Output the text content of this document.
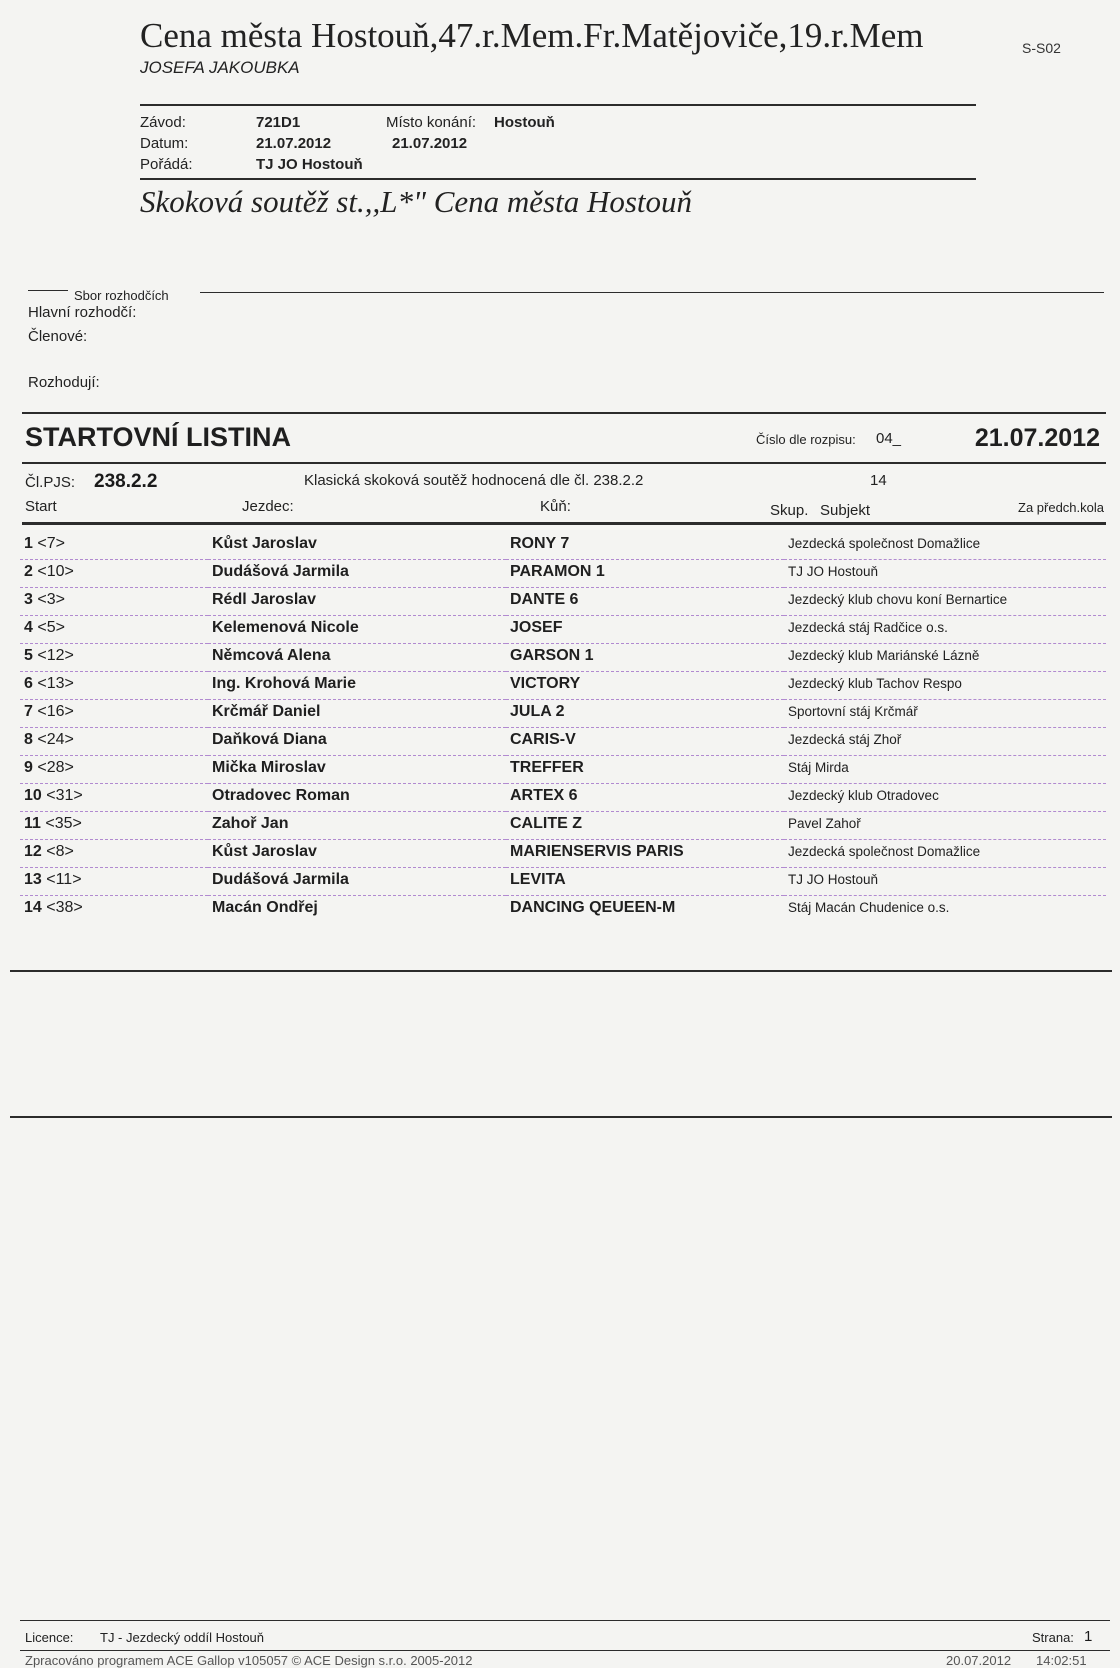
Cena města Hostouň,47.r.Mem.Fr.Matějoviče,19.r.Mem
JOSEFA JAKOUBKA
S-S02
Závod:	721D1	Místo konání: Hostouň
Datum:	21.07.2012	21.07.2012
Pořádá:	TJ JO Hostouň
Skoková soutěž st.,,L*" Cena města Hostouň
Sbor rozhodčích
Hlavní rozhodčí:
Členové:
Rozhodují:
STARTOVNÍ LISTINA	Číslo dle rozpisu: 04_	21.07.2012
Čl.PJS: 238.2.2	Klasická skoková soutěž hodnocená dle čl. 238.2.2	14
Start	Jezdec:	Kůň:	Skup. Subjekt	Za předch.kola
1 <7>	Kůst Jaroslav	RONY 7	Jezdecká společnost Domažlice
2 <10>	Dudášová Jarmila	PARAMON 1	TJ JO Hostouň
3 <3>	Rédl Jaroslav	DANTE 6	Jezdecký klub chovu koní Bernartice
4 <5>	Kelemenová Nicole	JOSEF	Jezdecká stáj Radčice o.s.
5 <12>	Němcová Alena	GARSON 1	Jezdecký klub Mariánské Lázně
6 <13>	Ing. Krohová Marie	VICTORY	Jezdecký klub Tachov Respo
7 <16>	Krčmář Daniel	JULA 2	Sportovní stáj Krčmář
8 <24>	Daňková Diana	CARIS-V	Jezdecká stáj Zhoř
9 <28>	Mička Miroslav	TREFFER	Stáj Mirda
10 <31>	Otradovec Roman	ARTEX 6	Jezdecký klub Otradovec
11 <35>	Zahoř Jan	CALITE Z	Pavel Zahoř
12 <8>	Kůst Jaroslav	MARIENSERVIS PARIS	Jezdecká společnost Domažlice
13 <11>	Dudášová Jarmila	LEVITA	TJ JO Hostouň
14 <38>	Macán Ondřej	DANCING QEUEEN-M	Stáj Macán Chudenice o.s.
Licence: TJ - Jezdecký oddíl Hostouň	Strana: 1
Zpracováno programem ACE Gallop v105057 © ACE Design s.r.o. 2005-2012	20.07.2012 14:02:51
